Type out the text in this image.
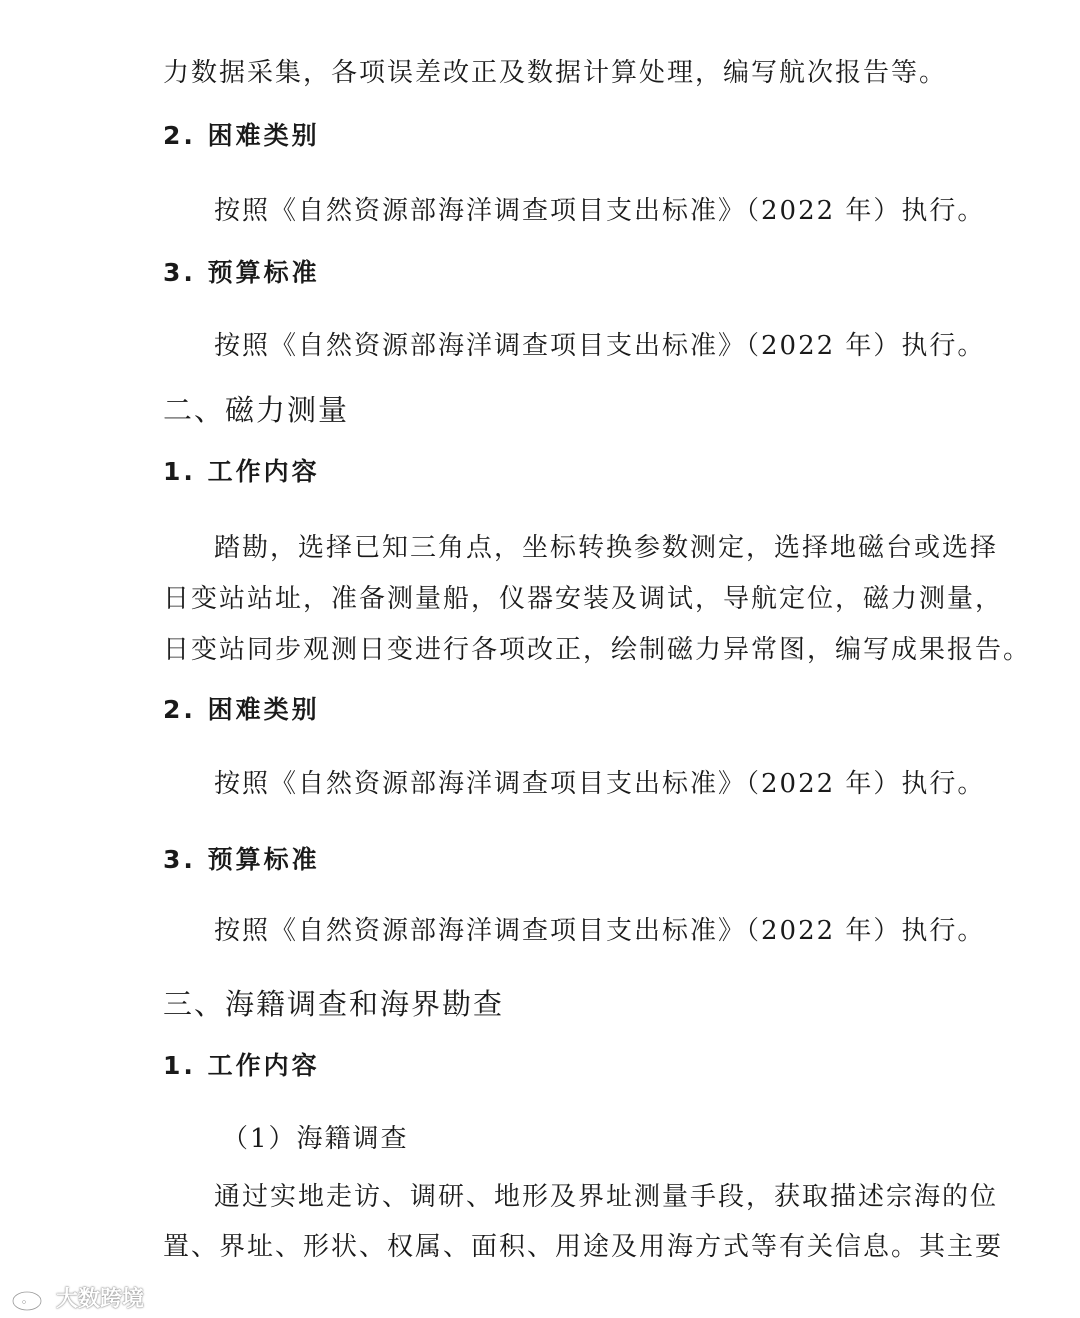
力数据采集，各项误差改正及数据计算处理，编写航次报告等。
2. 困难类别
按照《自然资源部海洋调查项目支出标准》（2022 年）执行。
3. 预算标准
按照《自然资源部海洋调查项目支出标准》（2022 年）执行。
二、磁力测量
1. 工作内容
踏勘，选择已知三角点，坐标转换参数测定，选择地磁台或选择
日变站站址，准备测量船，仪器安装及调试，导航定位，磁力测量，
日变站同步观测日变进行各项改正，绘制磁力异常图，编写成果报告。
2. 困难类别
按照《自然资源部海洋调查项目支出标准》（2022 年）执行。
3. 预算标准
按照《自然资源部海洋调查项目支出标准》（2022 年）执行。
三、海籍调查和海界勘查
1. 工作内容
（1）海籍调查
通过实地走访、调研、地形及界址测量手段，获取描述宗海的位
置、界址、形状、权属、面积、用途及用海方式等有关信息。其主要
大数跨境
